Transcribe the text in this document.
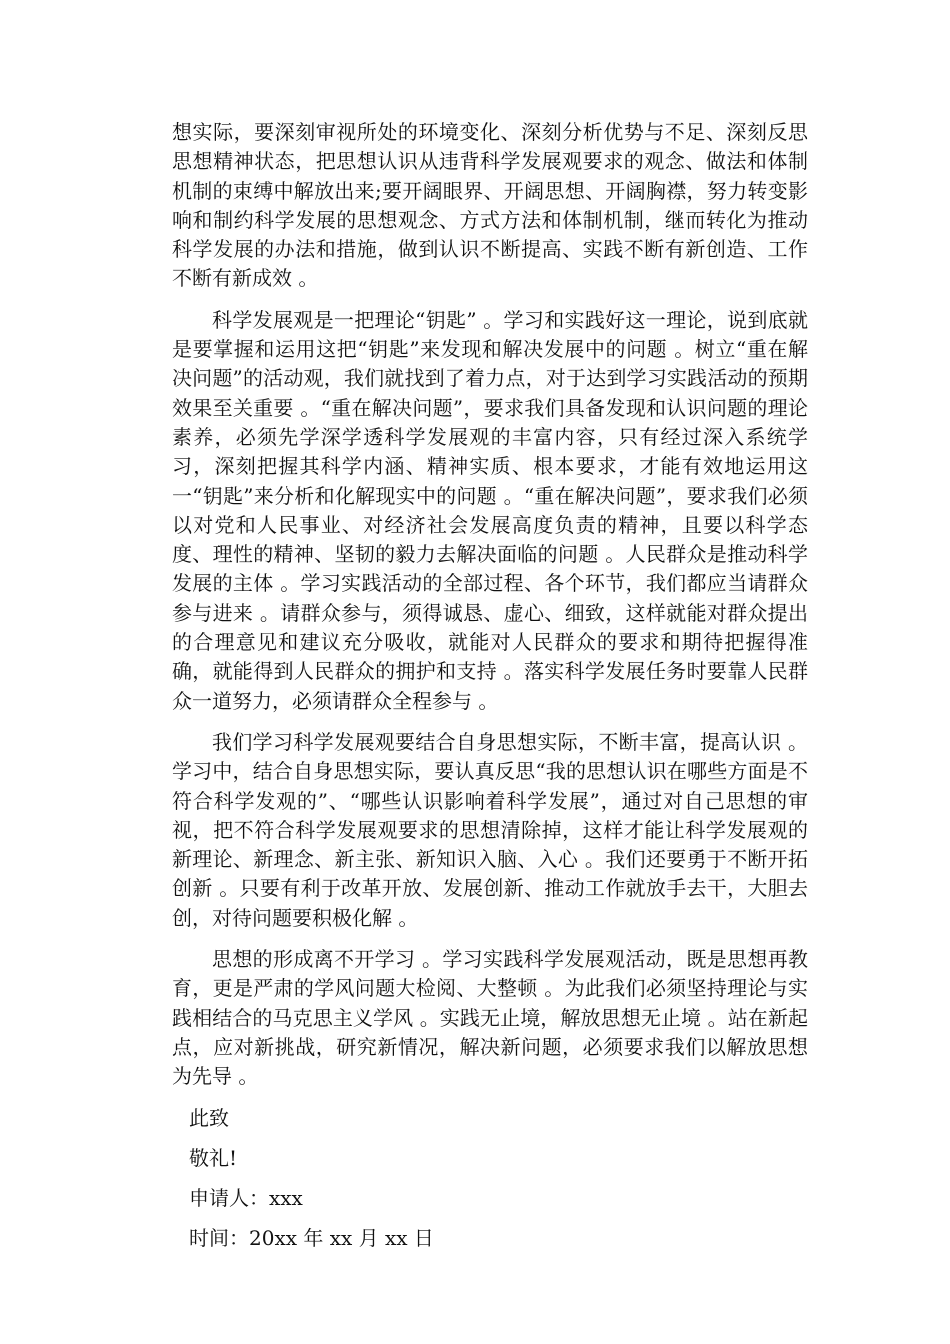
想实际，要深刻审视所处的环境变化、深刻分析优势与不足、深刻反思思想精神状态，把思想认识从违背科学发展观要求的观念、做法和体制机制的束缚中解放出来;要开阔眼界、开阔思想、开阔胸襟，努力转变影响和制约科学发展的思想观念、方式方法和体制机制，继而转化为推动科学发展的办法和措施，做到认识不断提高、实践不断有新创造、工作不断有新成效 。

科学发展观是一把理论“钥匙” 。学习和实践好这一理论，说到底就是要掌握和运用这把“钥匙”来发现和解决发展中的问题 。树立“重在解决问题”的活动观，我们就找到了着力点，对于达到学习实践活动的预期效果至关重要 。“重在解决问题”，要求我们具备发现和认识问题的理论素养，必须先学深学透科学发展观的丰富内容，只有经过深入系统学习，深刻把握其科学内涵、精神实质、根本要求，才能有效地运用这一“钥匙”来分析和化解现实中的问题 。“重在解决问题”，要求我们必须以对党和人民事业、对经济社会发展高度负责的精神，且要以科学态度、理性的精神、坚韧的毅力去解决面临的问题 。人民群众是推动科学发展的主体 。学习实践活动的全部过程、各个环节，我们都应当请群众参与进来 。请群众参与，须得诚恳、虚心、细致，这样就能对群众提出的合理意见和建议充分吸收，就能对人民群众的要求和期待把握得准确，就能得到人民群众的拥护和支持 。落实科学发展任务时要靠人民群众一道努力，必须请群众全程参与 。

我们学习科学发展观要结合自身思想实际，不断丰富，提高认识 。学习中，结合自身思想实际，要认真反思“我的思想认识在哪些方面是不符合科学发观的”、“哪些认识影响着科学发展”，通过对自己思想的审视，把不符合科学发展观要求的思想清除掉，这样才能让科学发展观的新理论、新理念、新主张、新知识入脑、入心 。我们还要勇于不断开拓创新 。只要有利于改革开放、发展创新、推动工作就放手去干，大胆去创，对待问题要积极化解 。

思想的形成离不开学习 。学习实践科学发展观活动，既是思想再教育，更是严肃的学风问题大检阅、大整顿 。为此我们必须坚持理论与实践相结合的马克思主义学风 。实践无止境，解放思想无止境 。站在新起点，应对新挑战，研究新情况，解决新问题，必须要求我们以解放思想为先导 。

此致
敬礼!
申请人：xxx
时间：20xx 年 xx 月 xx 日
